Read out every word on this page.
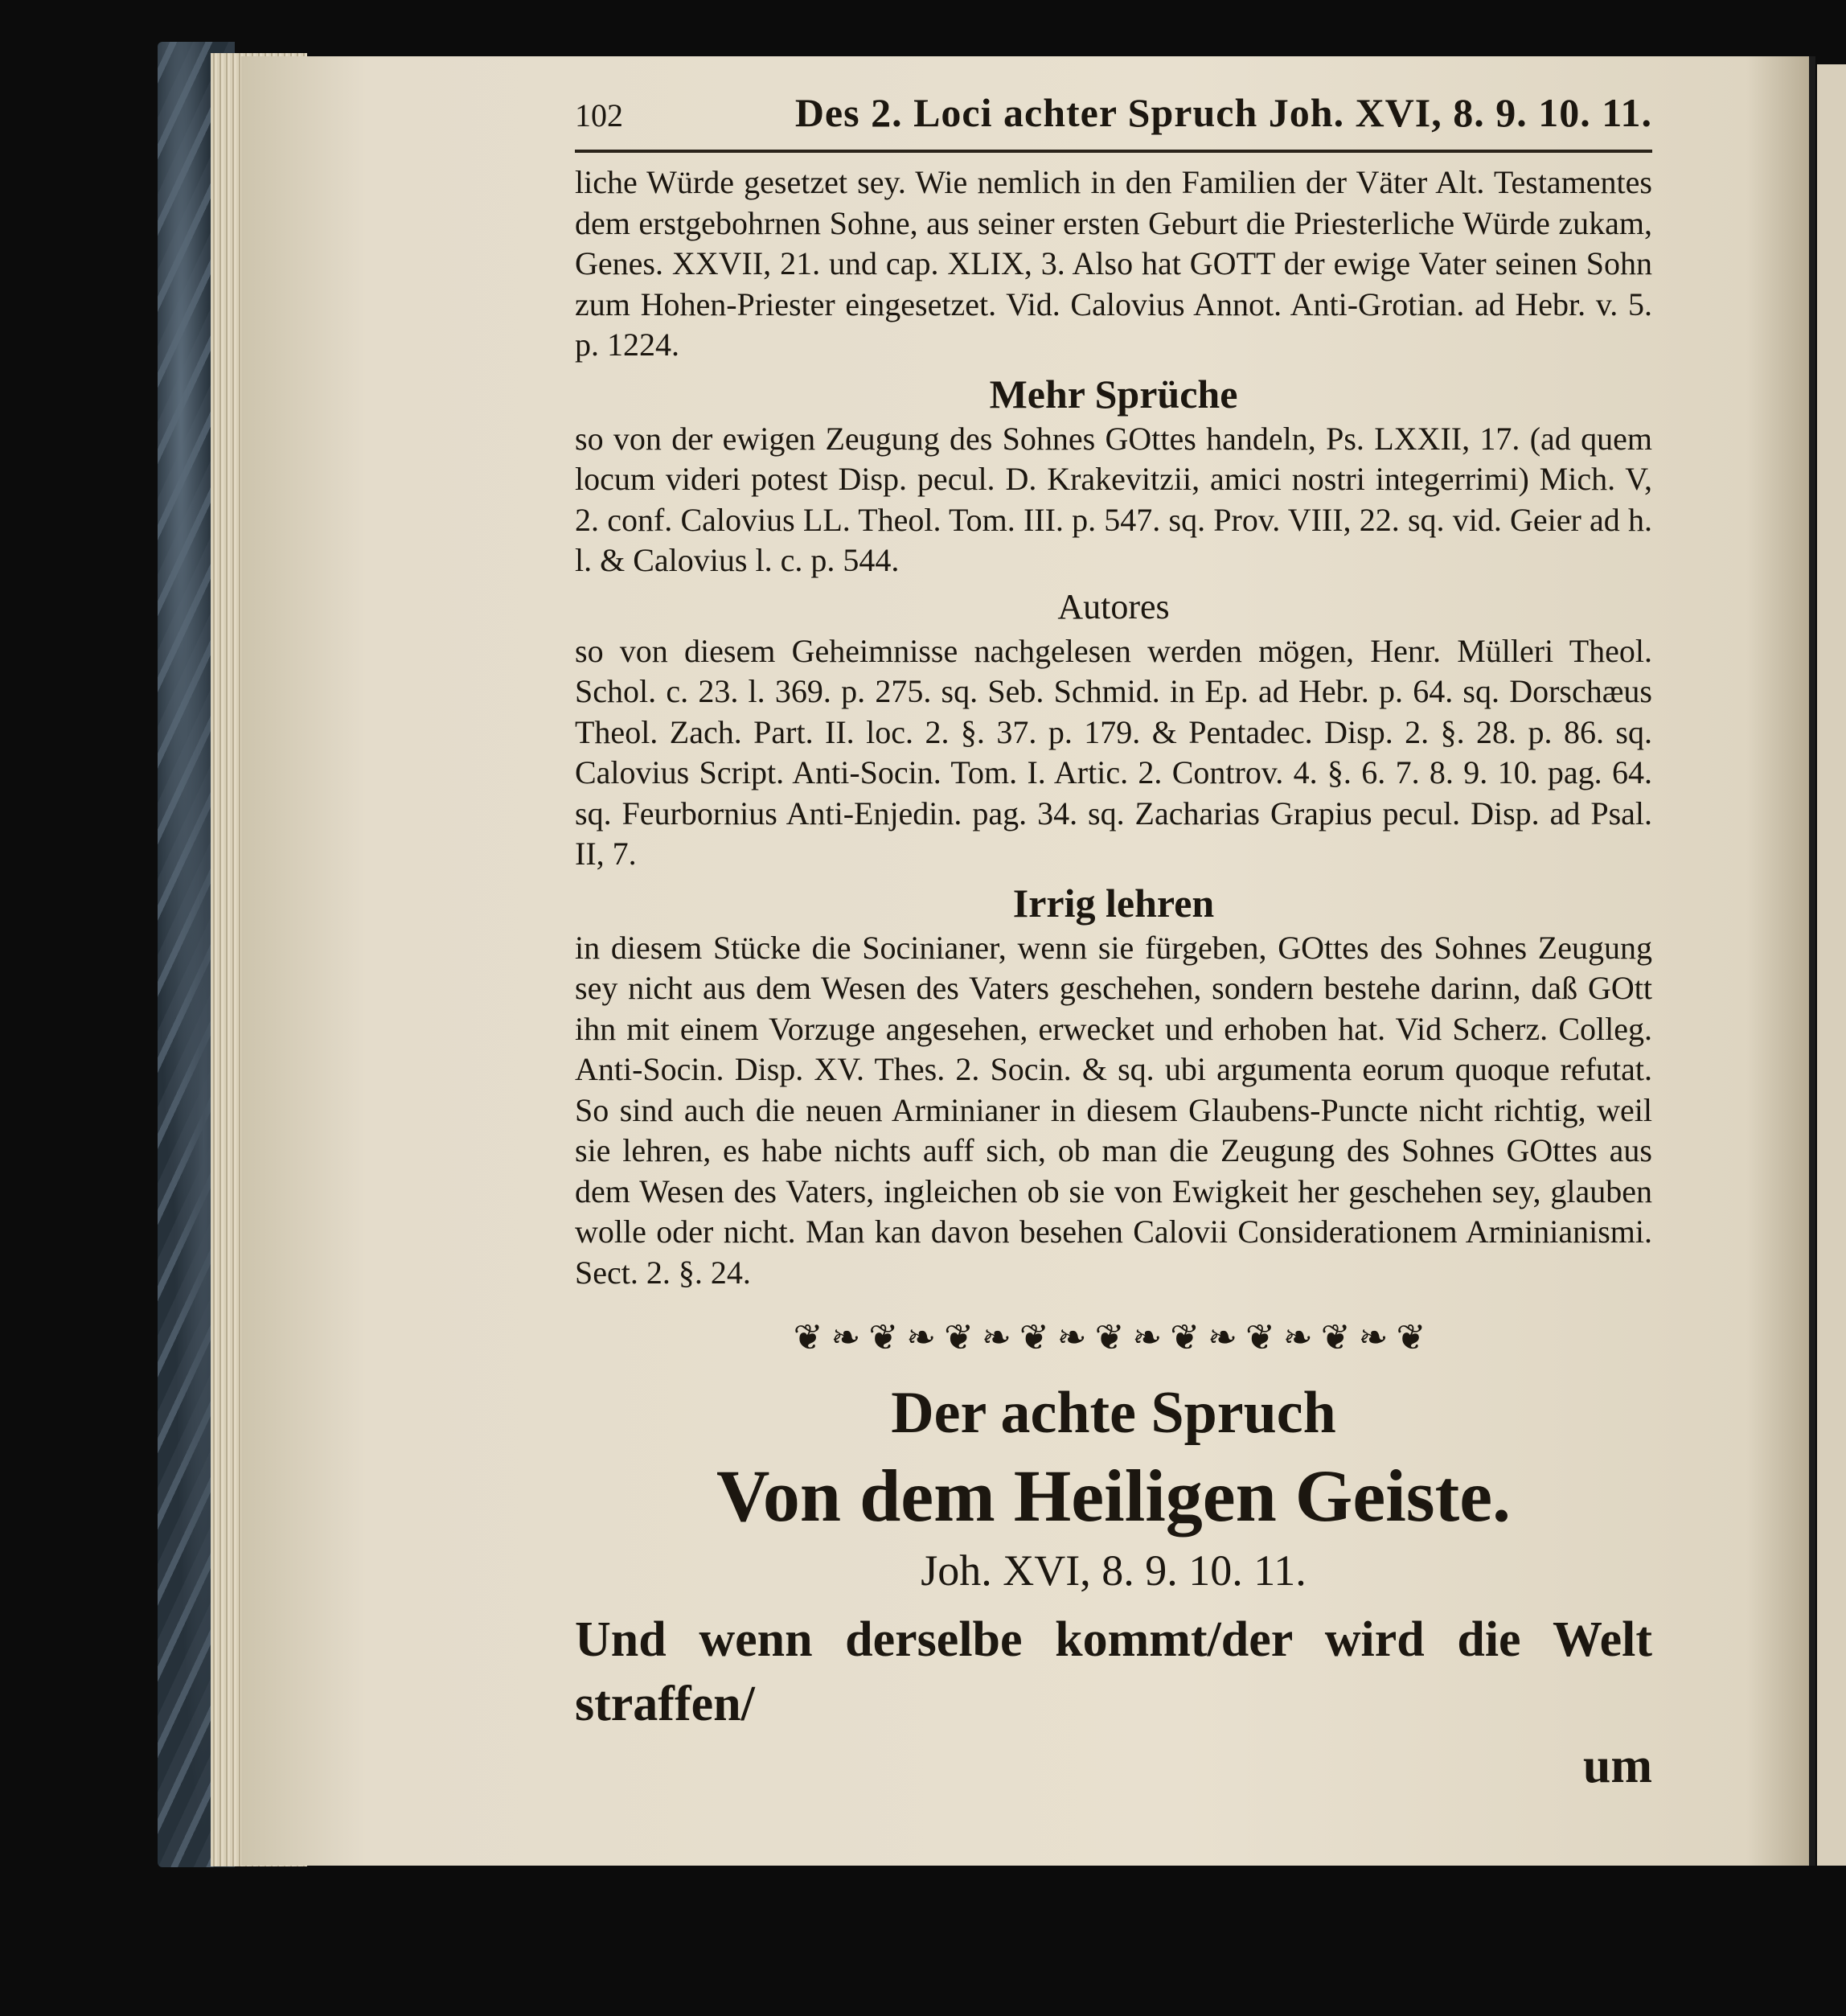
102	Des 2. Loci achter Spruch Joh. XVI, 8. 9. 10. 11.

liche Würde gesetzet sey. Wie nemlich in den Familien der Väter Alt. Testamentes dem erstgebohrnen Sohne, aus seiner ersten Geburt die Priesterliche Würde zukam, Genes. XXVII, 21. und cap. XLIX, 3. Also hat GOTT der ewige Vater seinen Sohn zum Hohen-Priester eingesetzet. Vid. Calovius Annot. Anti-Grotian. ad Hebr. v. 5. p. 1224.

Mehr Sprüche

so von der ewigen Zeugung des Sohnes GOttes handeln, Ps. LXXII, 17. (ad quem locum videri potest Disp. pecul. D. Krakevitzii, amici nostri integerrimi) Mich. V, 2. conf. Calovius LL. Theol. Tom. III. p. 547. sq. Prov. VIII, 22. sq. vid. Geier ad h. l. & Calovius l. c. p. 544.

Autores

so von diesem Geheimnisse nachgelesen werden mögen, Henr. Mülleri Theol. Schol. c. 23. l. 369. p. 275. sq. Seb. Schmid. in Ep. ad Hebr. p. 64. sq. Dorschæus Theol. Zach. Part. II. loc. 2. §. 37. p. 179. & Pentadec. Disp. 2. §. 28. p. 86. sq. Calovius Script. Anti-Socin. Tom. I. Artic. 2. Controv. 4. §. 6. 7. 8. 9. 10. pag. 64. sq. Feurbornius Anti-Enjedin. pag. 34. sq. Zacharias Grapius pecul. Disp. ad Psal. II, 7.

Irrig lehren

in diesem Stücke die Socinianer, wenn sie fürgeben, GOttes des Sohnes Zeugung sey nicht aus dem Wesen des Vaters geschehen, sondern bestehe darinn, daß GOtt ihn mit einem Vorzuge angesehen, erwecket und erhoben hat. Vid Scherz. Colleg. Anti-Socin. Disp. XV. Thes. 2. Socin. & sq. ubi argumenta eorum quoque refutat. So sind auch die neuen Arminianer in diesem Glaubens-Puncte nicht richtig, weil sie lehren, es habe nichts auff sich, ob man die Zeugung des Sohnes GOttes aus dem Wesen des Vaters, ingleichen ob sie von Ewigkeit her geschehen sey, glauben wolle oder nicht. Man kan davon besehen Calovii Considerationem Arminianismi. Sect. 2. §. 24.

❦❧❦❧❦❧❦❧❦❧❦❧❦❧❦❧❦
Der achte Spruch
Von dem Heiligen Geiste.
Joh. XVI, 8. 9. 10. 11.

Und wenn derselbe kommt/der wird die Welt straffen/

um
